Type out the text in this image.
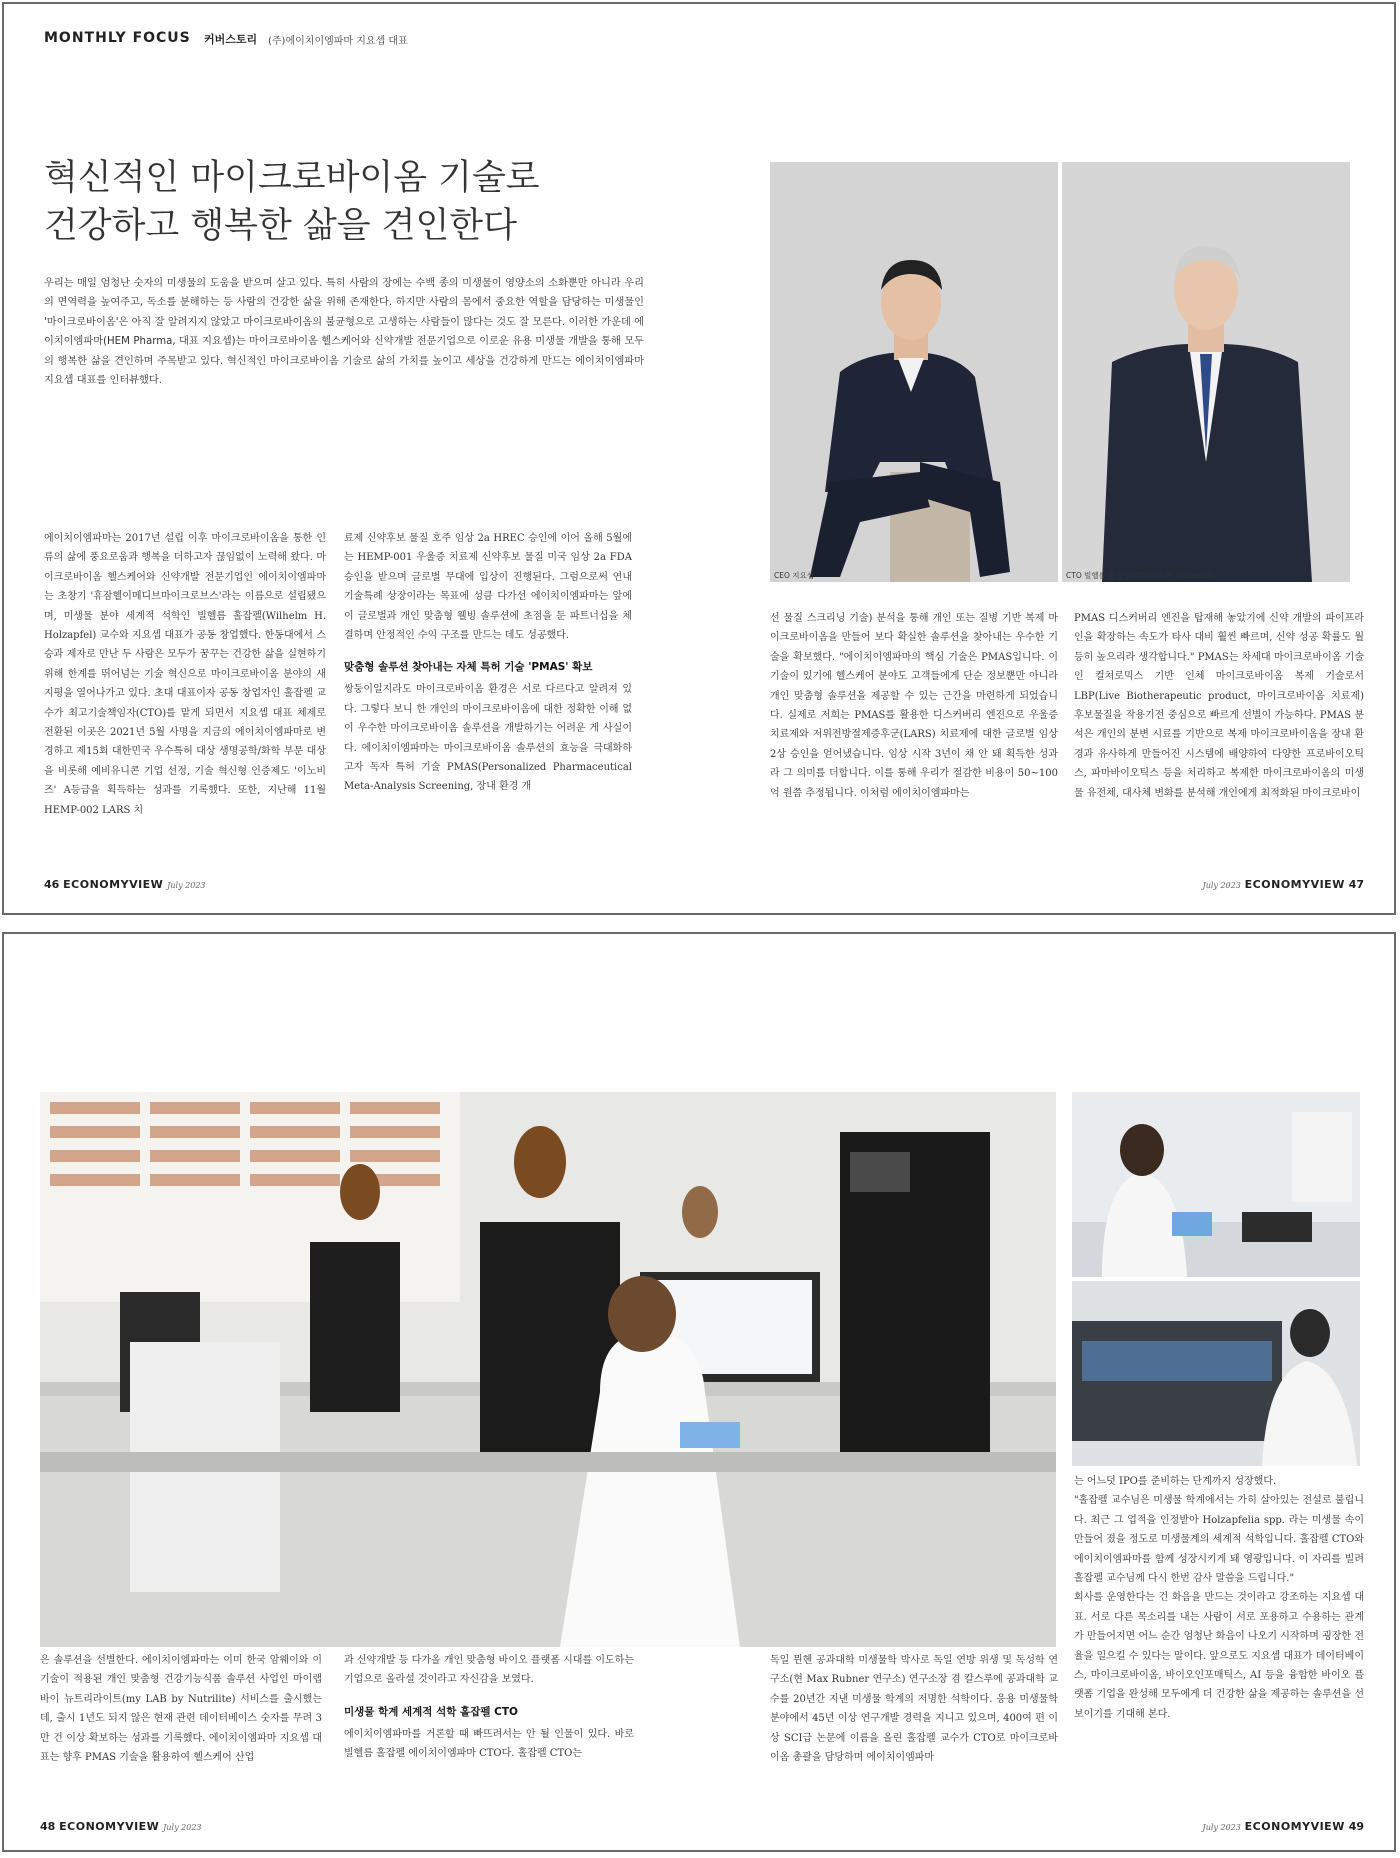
MONTHLY FOCUS 커버스토리 (주)에이치이엠파마 지요셉 대표
혁신적인 마이크로바이옴 기술로
건강하고 행복한 삶을 견인한다
우리는 매일 엄청난 숫자의 미생물의 도움을 받으며 살고 있다. 특히 사람의 장에는 수백 종의 미생물이 영양소의 소화뿐만 아니라 우리의 면역력을 높여주고, 독소를 분해하는 등 사람의 건강한 삶을 위해 존재한다. 하지만 사람의 몸에서 중요한 역할을 담당하는 미생물인 '마이크로바이옴'은 아직 잘 알려지지 않았고 마이크로바이옴의 불균형으로 고생하는 사람들이 많다는 것도 잘 모른다. 이러한 가운데 에이치이엠파마(HEM Pharma, 대표 지요셉)는 마이크로바이옴 헬스케어와 신약개발 전문기업으로 이로운 유용 미생물 개발을 통해 모두의 행복한 삶을 견인하며 주목받고 있다. 혁신적인 마이크로바이옴 기술로 삶의 가치를 높이고 세상을 건강하게 만드는 에이치이엠파마 지요셉 대표를 인터뷰했다.
에이치이엠파마는 2017년 설립 이후 마이크로바이옴을 통한 인류의 삶에 풍요로움과 행복을 더하고자 끊임없이 노력해 왔다. 마이크로바이옴 헬스케어와 신약개발 전문기업인 에이치이엠파마는 초창기 '휴잠헬이메디브마이크로브스'라는 이름으로 설립됐으며, 미생물 분야 세계적 석학인 빌헬름 홀잡펠(Wilhelm H. Holzapfel) 교수와 지요셉 대표가 공동 창업했다. 한동대에서 스승과 제자로 만난 두 사람은 모두가 꿈꾸는 건강한 삶을 실현하기 위해 한계를 뛰어넘는 기술 혁신으로 마이크로바이옴 분야의 새 지평을 열어나가고 있다. 초대 대표이자 공동 창업자인 홀잡펠 교수가 최고기술책임자(CTO)를 맡게 되면서 지요셉 대표 체제로 전환된 이곳은 2021년 5월 사명을 지금의 에이치이엠파마로 변경하고 제15회 대한민국 우수특허 대상 생명공학/화학 부문 대상을 비롯해 예비유니콘 기업 선정, 기술 혁신형 인증제도 '이노비즈' A등급을 획득하는 성과를 기록했다. 또한, 지난해 11월 HEMP-002 LARS 치
료제 신약후보 물질 호주 임상 2a HREC 승인에 이어 올해 5월에는 HEMP-001 우울증 치료제 신약후보 물질 미국 임상 2a FDA 승인을 받으며 글로벌 무대에 입상이 진행된다. 그럼으로써 연내 기술특례 상장이라는 목표에 성큼 다가선 에이치이엠파마는 앞에이 글로벌과 개인 맞춤형 웰빙 솔루션에 초점을 둔 파트너십을 체결하며 안정적인 수익 구조를 만드는 데도 성공했다.
맞춤형 솔루션 찾아내는 자체 특허 기술 'PMAS' 확보
쌍둥이일지라도 마이크로바이옴 환경은 서로 다르다고 알려져 있다. 그렇다 보니 한 개인의 마이크로바이옴에 대한 정확한 이해 없이 우수한 마이크로바이옴 솔루션을 개발하기는 어려운 게 사실이다. 에이치이엠파마는 마이크로바이옴 솔루션의 효능을 극대화하고자 독자 특허 기술 PMAS(Personalized Pharmaceutical Meta-Analysis Screening, 장내 환경 개
CEO 지요셉	CTO 빌헬름 홀잡펠(Wilhelm H. Holzapfel)
선 물질 스크리닝 기술) 분석을 통해 개인 또는 질병 기반 복제 마이크로바이옴을 만들어 보다 확실한 솔루션을 찾아내는 우수한 기술을 확보했다. "에이치이엠파마의 핵심 기술은 PMAS입니다. 이 기술이 있기에 헬스케어 분야도 고객들에게 단순 정보뿐만 아니라 개인 맞춤형 솔루션을 제공할 수 있는 근간을 마련하게 되었습니다. 실제로 저희는 PMAS를 활용한 디스커버리 엔진으로 우울증 치료제와 저위전방절제증후군(LARS) 치료제에 대한 글로벌 임상 2상 승인을 얻어냈습니다. 임상 시작 3년이 채 안 돼 획득한 성과라 그 의미를 더합니다. 이를 통해 우리가 절감한 비용이 50~100억 원쯤 추정됩니다. 이처럼 에이치이엠파마는
PMAS 디스커버리 엔진을 탑재해 놓았기에 신약 개발의 파이프라인을 확장하는 속도가 타사 대비 훨씬 빠르며, 신약 성공 확률도 월등히 높으리라 생각합니다." PMAS는 차세대 마이크로바이옴 기술인 컬쳐로믹스 기반 인체 마이크로바이옴 복제 기술로서 LBP(Live Biotherapeutic product, 마이크로바이옴 치료제) 후보물질을 작용기전 중심으로 빠르게 선별이 가능하다. PMAS 분석은 개인의 분변 시료를 기반으로 복제 마이크로바이옴을 장내 환경과 유사하게 만들어진 시스템에 배양하여 다양한 프로바이오틱스, 파마바이오틱스 등을 처리하고 복제한 마이크로바이옴의 미생물 유전체, 대사체 변화를 분석해 개인에게 최적화된 마이크로바이
46 ECONOMYVIEW July 2023	July 2023 ECONOMYVIEW 47
은 솔루션을 선별한다. 에이치이엠파마는 이미 한국 암웨이와 이 기술이 적용된 개인 맞춤형 건강기능식품 솔루션 사업인 마이랩 바이 뉴트리라이트(my LAB by Nutrilite) 서비스를 출시했는데, 출시 1년도 되지 않은 현재 관련 데이터베이스 숫자를 무려 3만 건 이상 확보하는 성과를 기록했다. 에이치이엠파마 지요셉 대표는 향후 PMAS 기술을 활용하여 헬스케어 산업
과 신약개발 등 다가올 개인 맞춤형 바이오 플랫폼 시대를 이도하는 기업으로 올라설 것이라고 자신감을 보였다.
미생물 학계 세계적 석학 홀잡펠 CTO
에이치이엠파마를 거론할 때 빠뜨려서는 안 될 인물이 있다. 바로 빌헬름 홀잡펠 에이치이엠파마 CTO다. 홀잡펠 CTO는
독일 뮌헨 공과대학 미생물학 박사로 독일 연방 위생 및 독성학 연구소(현 Max Rubner 연구소) 연구소장 겸 칼스루에 공과대학 교수를 20년간 지낸 미생물 학계의 저명한 석학이다. 응용 미생물학 분야에서 45년 이상 연구개발 경력을 지니고 있으며, 400여 편 이상 SCI급 논문에 이름을 올린 홀잡펠 교수가 CTO로 마이크로바이옴 총괄을 담당하며 에이치이엠파마
는 어느덧 IPO를 준비하는 단계까지 성장했다.
"홀잡펠 교수님은 미생물 학계에서는 가히 살아있는 전설로 불립니다. 최근 그 업적을 인정받아 Holzapfelia spp. 라는 미생물 속이 만들어 졌을 정도로 미생물계의 세계적 석학입니다. 홀잡펠 CTO와 에이치이엠파마를 함께 성장시키게 돼 영광입니다. 이 자리를 빌려 홀잡펠 교수님께 다시 한번 감사 말씀을 드립니다."
회사를 운영한다는 건 화음을 만드는 것이라고 강조하는 지요셉 대표. 서로 다른 목소리를 내는 사람이 서로 포용하고 수용하는 관계가 만들어지면 어느 순간 엄청난 화음이 나오기 시작하며 굉장한 전율을 일으킬 수 있다는 말이다. 앞으로도 지요셉 대표가 데이터베이스, 마이크로바이옴, 바이오인포매틱스, AI 등을 융합한 바이오 플랫폼 기업을 완성해 모두에게 더 건강한 삶을 제공하는 솔루션을 선보이기를 기대해 본다.
48 ECONOMYVIEW July 2023	July 2023 ECONOMYVIEW 49
